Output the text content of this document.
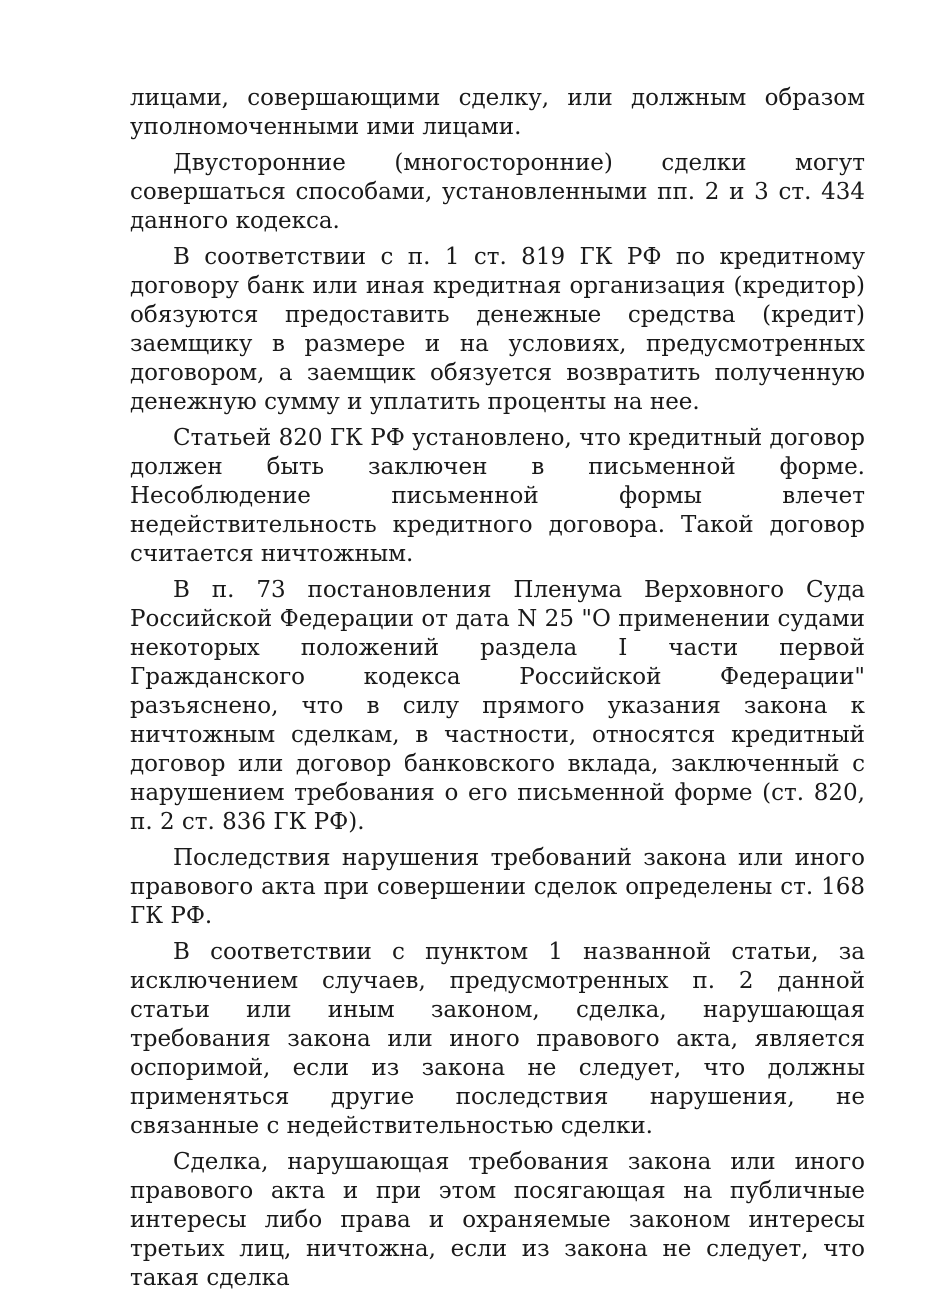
лицами, совершающими сделку, или должным образом уполномоченными ими лицами.

Двусторонние (многосторонние) сделки могут совершаться способами, установленными пп. 2 и 3 ст. 434 данного кодекса.

В соответствии с п. 1 ст. 819 ГК РФ по кредитному договору банк или иная кредитная организация (кредитор) обязуются предоставить денежные средства (кредит) заемщику в размере и на условиях, предусмотренных договором, а заемщик обязуется возвратить полученную денежную сумму и уплатить проценты на нее.

Статьей 820 ГК РФ установлено, что кредитный договор должен быть заключен в письменной форме. Несоблюдение письменной формы влечет недействительность кредитного договора. Такой договор считается ничтожным.

В п. 73 постановления Пленума Верховного Суда Российской Федерации от дата N 25 "О применении судами некоторых положений раздела I части первой Гражданского кодекса Российской Федерации" разъяснено, что в силу прямого указания закона к ничтожным сделкам, в частности, относятся кредитный договор или договор банковского вклада, заключенный с нарушением требования о его письменной форме (ст. 820, п. 2 ст. 836 ГК РФ).

Последствия нарушения требований закона или иного правового акта при совершении сделок определены ст. 168 ГК РФ.

В соответствии с пунктом 1 названной статьи, за исключением случаев, предусмотренных п. 2 данной статьи или иным законом, сделка, нарушающая требования закона или иного правового акта, является оспоримой, если из закона не следует, что должны применяться другие последствия нарушения, не связанные с недействительностью сделки.

Сделка, нарушающая требования закона или иного правового акта и при этом посягающая на публичные интересы либо права и охраняемые законом интересы третьих лиц, ничтожна, если из закона не следует, что такая сделка
